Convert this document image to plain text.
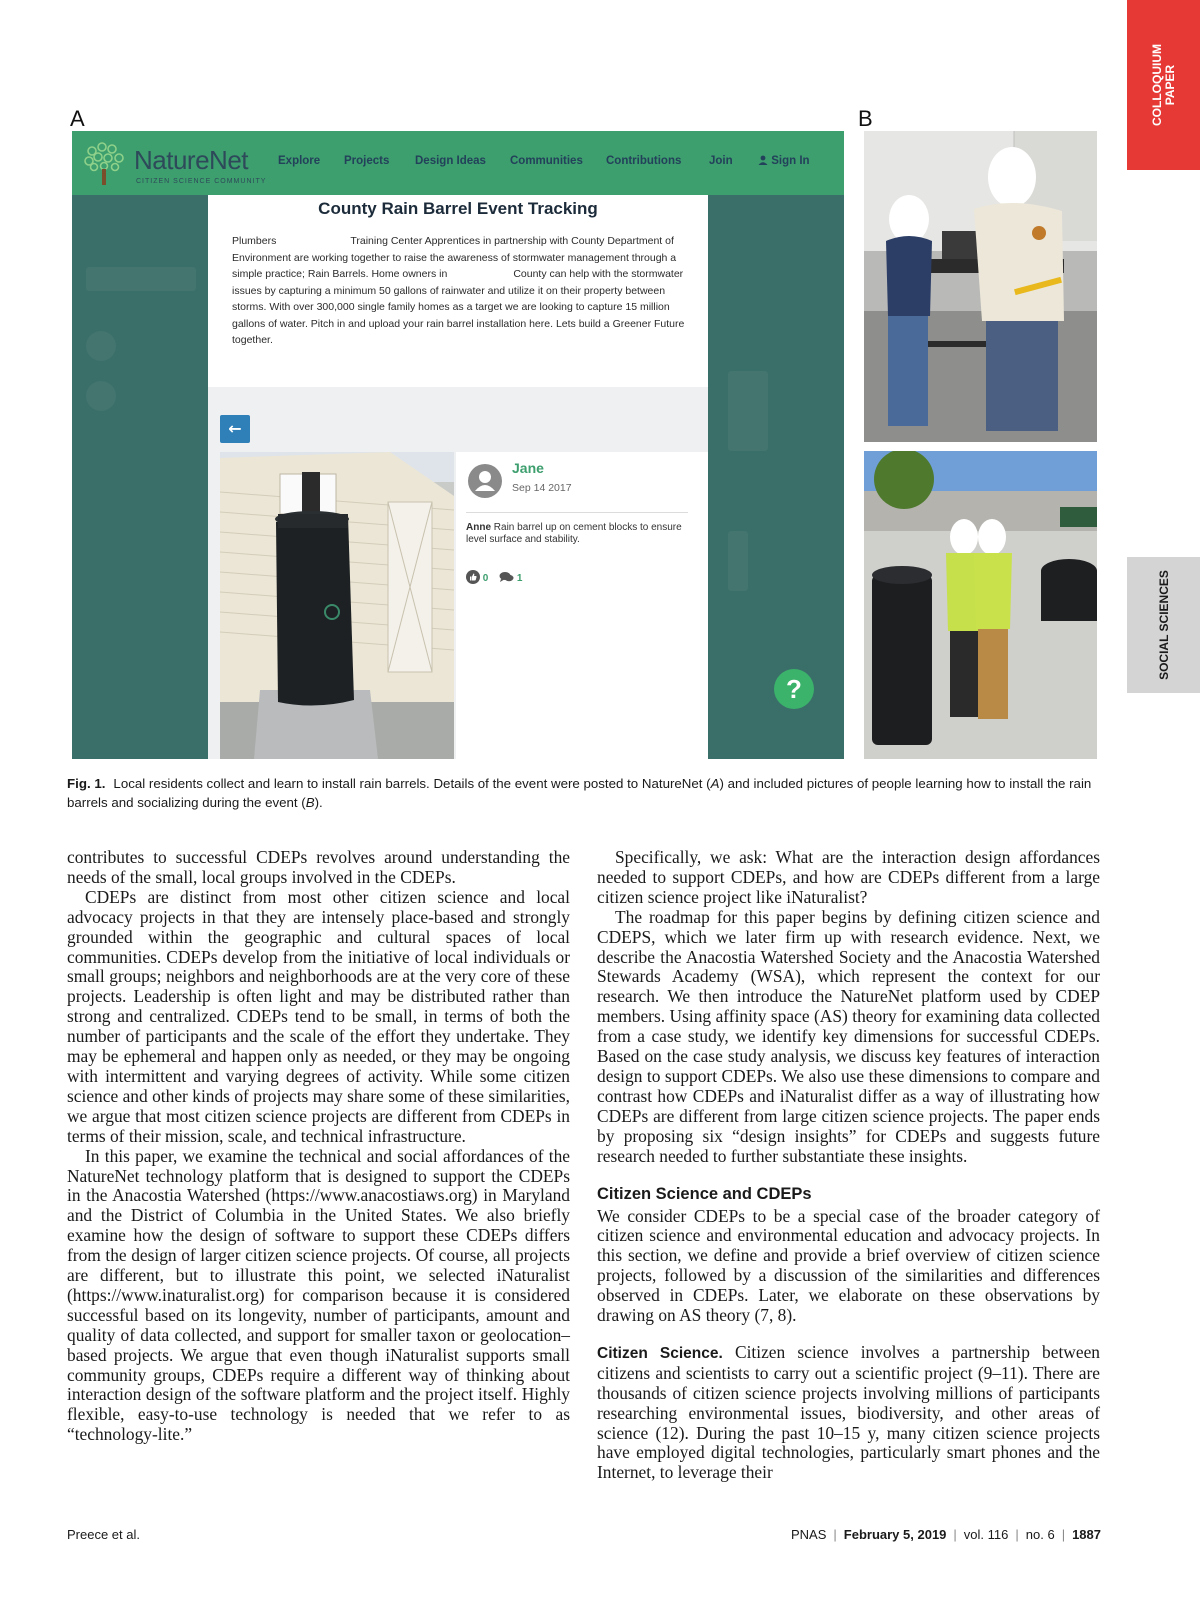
COLLOQUIUM
PAPER
SOCIAL SCIENCES
A	B
NatureNet
CITIZEN SCIENCE COMMUNITY
Explore Projects Design Ideas Communities Contributions Join	Sign In
County Rain Barrel Event Tracking
Plumbers	Training Center Apprentices in partnership with County Department of Environment are working together to raise the awareness of stormwater management through a simple practice; Rain Barrels. Home owners in	County can help with the stormwater issues by capturing a minimum 50 gallons of rainwater and utilize it on their property between storms. With over 300,000 single family homes as a target we are looking to capture 15 million gallons of water. Pitch in and upload your rain barrel installation here. Lets build a Greener Future together.
←
Jane
Sep 14 2017
Anne Rain barrel up on cement blocks to ensure level surface and stability.
0	1
?
Fig. 1. Local residents collect and learn to install rain barrels. Details of the event were posted to NatureNet (A) and included pictures of people learning how to install the rain barrels and socializing during the event (B).

contributes to successful CDEPs revolves around understanding the needs of the small, local groups involved in the CDEPs.

CDEPs are distinct from most other citizen science and local advocacy projects in that they are intensely place-based and strongly grounded within the geographic and cultural spaces of local communities. CDEPs develop from the initiative of local individuals or small groups; neighbors and neighborhoods are at the very core of these projects. Leadership is often light and may be distributed rather than strong and centralized. CDEPs tend to be small, in terms of both the number of participants and the scale of the effort they undertake. They may be ephemeral and happen only as needed, or they may be ongoing with intermittent and varying degrees of activity. While some citizen science and other kinds of projects may share some of these similarities, we argue that most citizen science projects are different from CDEPs in terms of their mission, scale, and technical infrastructure.

In this paper, we examine the technical and social affordances of the NatureNet technology platform that is designed to support the CDEPs in the Anacostia Watershed (https://www.anacostiaws.org) in Maryland and the District of Columbia in the United States. We also briefly examine how the design of software to support these CDEPs differs from the design of larger citizen science projects. Of course, all projects are different, but to illustrate this point, we selected iNaturalist (https://www.inaturalist.org) for comparison because it is considered successful based on its longevity, number of participants, amount and quality of data collected, and support for smaller taxon or geolocation–based projects. We argue that even though iNaturalist supports small community groups, CDEPs require a different way of thinking about interaction design of the software platform and the project itself. Highly flexible, easy-to-use technology is needed that we refer to as “technology-lite.”

Specifically, we ask: What are the interaction design affordances needed to support CDEPs, and how are CDEPs different from a large citizen science project like iNaturalist?

The roadmap for this paper begins by defining citizen science and CDEPS, which we later firm up with research evidence. Next, we describe the Anacostia Watershed Society and the Anacostia Watershed Stewards Academy (WSA), which represent the context for our research. We then introduce the NatureNet platform used by CDEP members. Using affinity space (AS) theory for examining data collected from a case study, we identify key dimensions for successful CDEPs. Based on the case study analysis, we discuss key features of interaction design to support CDEPs. We also use these dimensions to compare and contrast how CDEPs and iNaturalist differ as a way of illustrating how CDEPs are different from large citizen science projects. The paper ends by proposing six “design insights” for CDEPs and suggests future research needed to further substantiate these insights.

Citizen Science and CDEPs

We consider CDEPs to be a special case of the broader category of citizen science and environmental education and advocacy projects. In this section, we define and provide a brief overview of citizen science projects, followed by a discussion of the similarities and differences observed in CDEPs. Later, we elaborate on these observations by drawing on AS theory (7, 8).

Citizen Science. Citizen science involves a partnership between citizens and scientists to carry out a scientific project (9–11). There are thousands of citizen science projects involving millions of participants researching environmental issues, biodiversity, and other areas of science (12). During the past 10–15 y, many citizen science projects have employed digital technologies, particularly smart phones and the Internet, to leverage their

Preece et al.	PNAS | February 5, 2019 | vol. 116 | no. 6 | 1887
